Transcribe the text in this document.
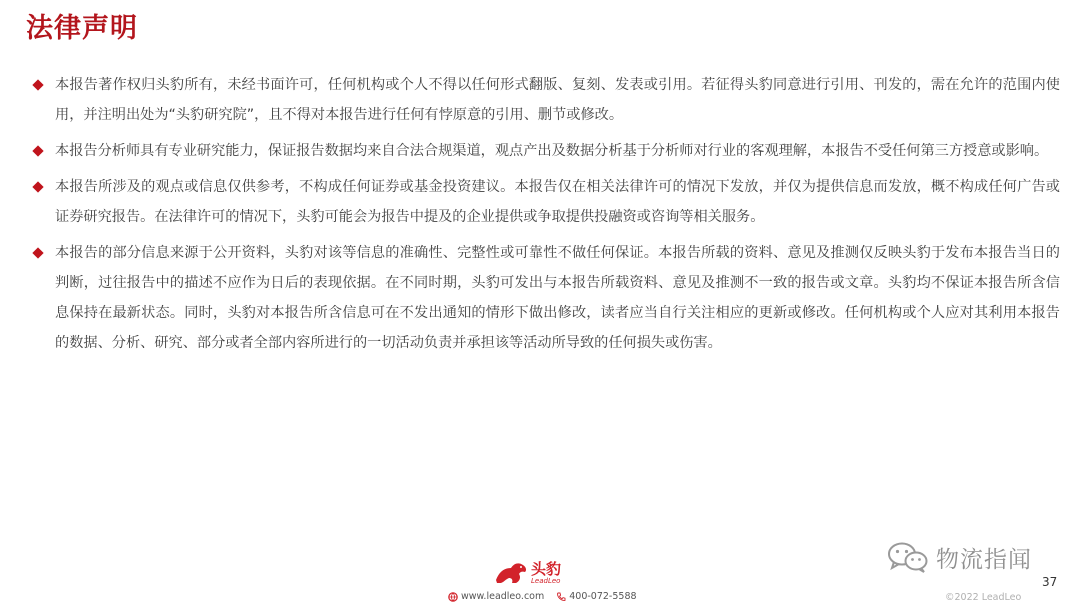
法律声明
本报告著作权归头豹所有，未经书面许可，任何机构或个人不得以任何形式翻版、复刻、发表或引用。若征得头豹同意进行引用、刊发的，需在允许的范围内使用，并注明出处为“头豹研究院”，且不得对本报告进行任何有悖原意的引用、删节或修改。
本报告分析师具有专业研究能力，保证报告数据均来自合法合规渠道，观点产出及数据分析基于分析师对行业的客观理解，本报告不受任何第三方授意或影响。
本报告所涉及的观点或信息仅供参考，不构成任何证券或基金投资建议。本报告仅在相关法律许可的情况下发放，并仅为提供信息而发放，概不构成任何广告或证券研究报告。在法律许可的情况下，头豹可能会为报告中提及的企业提供或争取提供投融资或咨询等相关服务。
本报告的部分信息来源于公开资料，头豹对该等信息的准确性、完整性或可靠性不做任何保证。本报告所载的资料、意见及推测仅反映头豹于发布本报告当日的判断，过往报告中的描述不应作为日后的表现依据。在不同时期，头豹可发出与本报告所载资料、意见及推测不一致的报告或文章。头豹均不保证本报告所含信息保持在最新状态。同时，头豹对本报告所含信息可在不发出通知的情形下做出修改，读者应当自行关注相应的更新或修改。任何机构或个人应对其利用本报告的数据、分析、研究、部分或者全部内容所进行的一切活动负责并承担该等活动所导致的任何损失或伤害。
头豹
LeadLeo
www.leadleo.com	400-072-5588
物流指闻
37
©2022 LeadLeo
